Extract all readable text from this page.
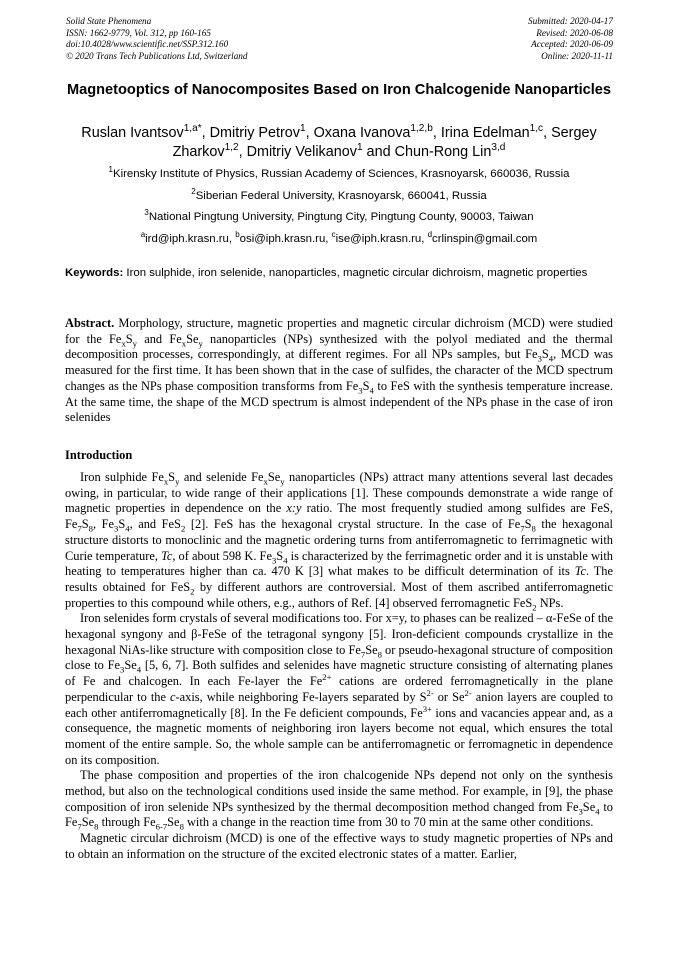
Solid State Phenomena
ISSN: 1662-9779, Vol. 312, pp 160-165
doi:10.4028/www.scientific.net/SSP.312.160
© 2020 Trans Tech Publications Ltd, Switzerland
Submitted: 2020-04-17
Revised: 2020-06-08
Accepted: 2020-06-09
Online: 2020-11-11
Magnetooptics of Nanocomposites Based on Iron Chalcogenide Nanoparticles
Ruslan Ivantsov$^{1,a*}$, Dmitriy Petrov$^1$, Oxana Ivanova$^{1,2,b}$, Irina Edelman$^{1,c}$, Sergey Zharkov$^{1,2}$, Dmitriy Velikanov$^1$ and Chun-Rong Lin$^{3,d}$
$^1$Kirensky Institute of Physics, Russian Academy of Sciences, Krasnoyarsk, 660036, Russia
$^2$Siberian Federal University, Krasnoyarsk, 660041, Russia
$^3$National Pingtung University, Pingtung City, Pingtung County, 90003, Taiwan
$^a$ird@iph.krasn.ru, $^b$osi@iph.krasn.ru, $^c$ise@iph.krasn.ru, $^d$crlinspin@gmail.com
Keywords: Iron sulphide, iron selenide, nanoparticles, magnetic circular dichroism, magnetic properties
Abstract. Morphology, structure, magnetic properties and magnetic circular dichroism (MCD) were studied for the $Fe_xS_y$ and $Fe_xSe_y$ nanoparticles (NPs) synthesized with the polyol mediated and the thermal decomposition processes, correspondingly, at different regimes. For all NPs samples, but $Fe_3S_4$, MCD was measured for the first time. It has been shown that in the case of sulfides, the character of the MCD spectrum changes as the NPs phase composition transforms from $Fe_3S_4$ to FeS with the synthesis temperature increase. At the same time, the shape of the MCD spectrum is almost independent of the NPs phase in the case of iron selenides
Introduction

Iron sulphide $Fe_xS_y$ and selenide $Fe_xSe_y$ nanoparticles (NPs) attract many attentions several last decades owing, in particular, to wide range of their applications [1]. These compounds demonstrate a wide range of magnetic properties in dependence on the x:y ratio. The most frequently studied among sulfides are FeS, $Fe_7S_8$, $Fe_3S_4$, and FeS$_2$ [2]. FeS has the hexagonal crystal structure. In the case of $Fe_7S_8$ the hexagonal structure distorts to monoclinic and the magnetic ordering turns from antiferromagnetic to ferrimagnetic with Curie temperature, Tc, of about 598 K. $Fe_3S_4$ is characterized by the ferrimagnetic order and it is unstable with heating to temperatures higher than ca. 470 K [3] what makes to be difficult determination of its Tc. The results obtained for FeS$_2$ by different authors are controversial. Most of them ascribed antiferromagnetic properties to this compound while others, e.g., authors of Ref. [4] observed ferromagnetic FeS$_2$ NPs.

Iron selenides form crystals of several modifications too. For x=y, to phases can be realized – α-FeSe of the hexagonal syngony and β-FeSe of the tetragonal syngony [5]. Iron-deficient compounds crystallize in the hexagonal NiAs-like structure with composition close to $Fe_7Se_8$ or pseudo-hexagonal structure of composition close to $Fe_3Se_4$ [5, 6, 7]. Both sulfides and selenides have magnetic structure consisting of alternating planes of Fe and chalcogen. In each Fe-layer the $Fe^{2+}$ cations are ordered ferromagnetically in the plane perpendicular to the c-axis, while neighboring Fe-layers separated by $S^{2-}$ or $Se^{2-}$ anion layers are coupled to each other antiferromagnetically [8]. In the Fe deficient compounds, $Fe^{3+}$ ions and vacancies appear and, as a consequence, the magnetic moments of neighboring iron layers become not equal, which ensures the total moment of the entire sample. So, the whole sample can be antiferromagnetic or ferromagnetic in dependence on its composition.

The phase composition and properties of the iron chalcogenide NPs depend not only on the synthesis method, but also on the technological conditions used inside the same method. For example, in [9], the phase composition of iron selenide NPs synthesized by the thermal decomposition method changed from $Fe_3Se_4$ to $Fe_7Se_8$ through $Fe_{6-7}Se_8$ with a change in the reaction time from 30 to 70 min at the same other conditions.

Magnetic circular dichroism (MCD) is one of the effective ways to study magnetic properties of NPs and to obtain an information on the structure of the excited electronic states of a matter. Earlier,
